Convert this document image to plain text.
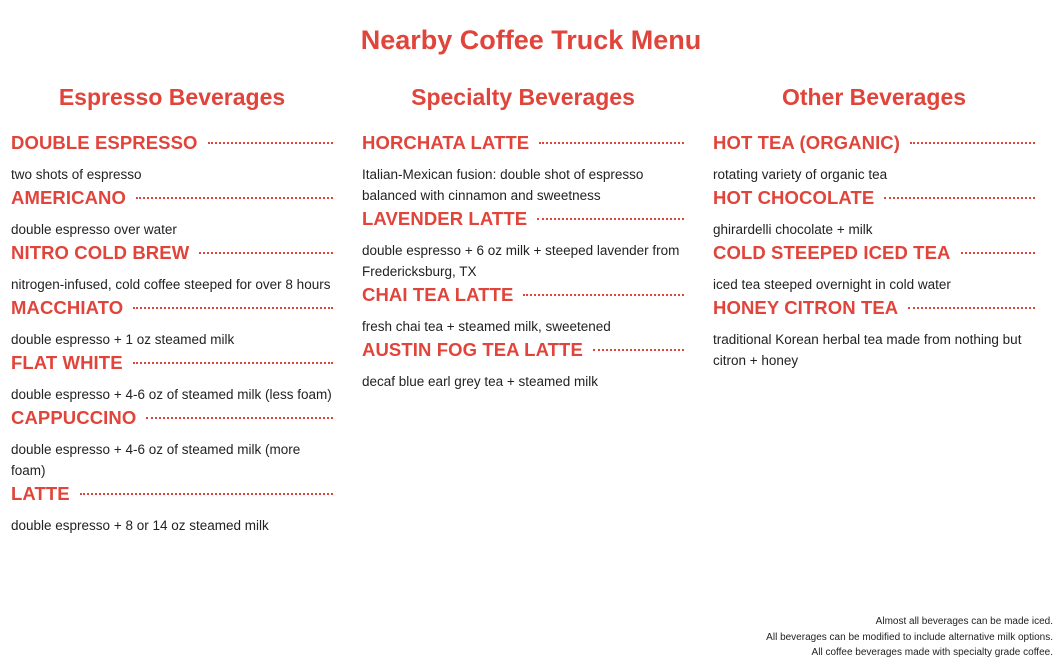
Nearby Coffee Truck Menu
Espresso Beverages
DOUBLE ESPRESSO
two shots of espresso
AMERICANO
double espresso over water
NITRO COLD BREW
nitrogen-infused, cold coffee steeped for over 8 hours
MACCHIATO
double espresso + 1 oz steamed milk
FLAT WHITE
double espresso + 4-6 oz of steamed milk (less foam)
CAPPUCCINO
double espresso + 4-6 oz of steamed milk (more foam)
LATTE
double espresso + 8 or 14 oz steamed milk
Specialty Beverages
HORCHATA LATTE
Italian-Mexican fusion: double shot of espresso balanced with cinnamon and sweetness
LAVENDER LATTE
double espresso + 6 oz milk + steeped lavender from Fredericksburg, TX
CHAI TEA LATTE
fresh chai tea + steamed milk, sweetened
AUSTIN FOG TEA LATTE
decaf blue earl grey tea + steamed milk
Other Beverages
HOT TEA (ORGANIC)
rotating variety of organic tea
HOT CHOCOLATE
ghirardelli chocolate + milk
COLD STEEPED ICED TEA
iced tea steeped overnight in cold water
HONEY CITRON TEA
traditional Korean herbal tea made from nothing but citron + honey
Almost all beverages can be made iced.
All beverages can be modified to include alternative milk options.
All coffee beverages made with specialty grade coffee.
